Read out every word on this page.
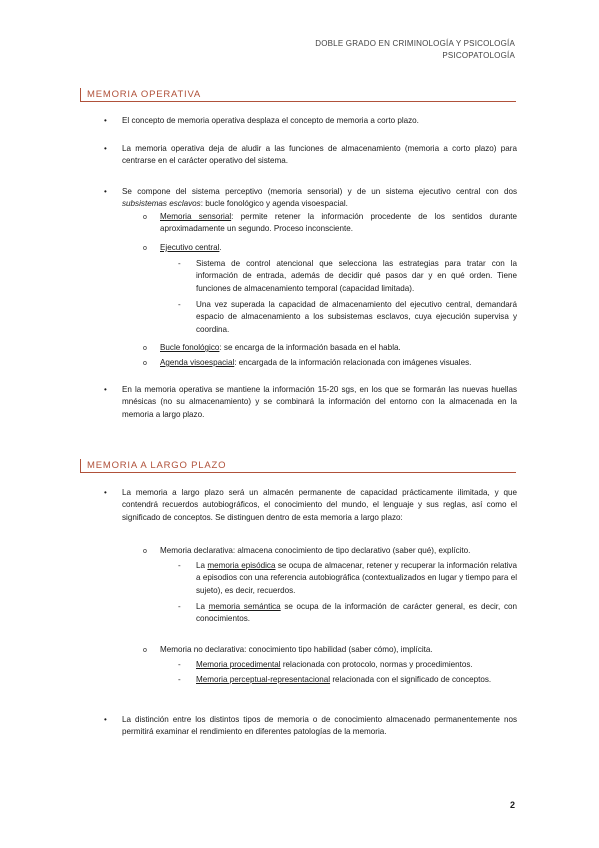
DOBLE GRADO EN CRIMINOLOGÍA Y PSICOLOGÍA
PSICOPATOLOGÍA
MEMORIA OPERATIVA
• El concepto de memoria operativa desplaza el concepto de memoria a corto plazo.
• La memoria operativa deja de aludir a las funciones de almacenamiento (memoria a corto plazo) para centrarse en el carácter operativo del sistema.
• Se compone del sistema perceptivo (memoria sensorial) y de un sistema ejecutivo central con dos subsistemas esclavos: bucle fonológico y agenda visoespacial.
o Memoria sensorial: permite retener la información procedente de los sentidos durante aproximadamente un segundo. Proceso inconsciente.
o Ejecutivo central.
- Sistema de control atencional que selecciona las estrategias para tratar con la información de entrada, además de decidir qué pasos dar y en qué orden. Tiene funciones de almacenamiento temporal (capacidad limitada).
- Una vez superada la capacidad de almacenamiento del ejecutivo central, demandará espacio de almacenamiento a los subsistemas esclavos, cuya ejecución supervisa y coordina.
o Bucle fonológico: se encarga de la información basada en el habla.
o Agenda visoespacial: encargada de la información relacionada con imágenes visuales.
• En la memoria operativa se mantiene la información 15-20 sgs, en los que se formarán las nuevas huellas mnésicas (no su almacenamiento) y se combinará la información del entorno con la almacenada en la memoria a largo plazo.
MEMORIA A LARGO PLAZO
• La memoria a largo plazo será un almacén permanente de capacidad prácticamente ilimitada, y que contendrá recuerdos autobiográficos, el conocimiento del mundo, el lenguaje y sus reglas, así como el significado de conceptos. Se distinguen dentro de esta memoria a largo plazo:
o Memoria declarativa: almacena conocimiento de tipo declarativo (saber qué), explícito.
- La memoria episódica se ocupa de almacenar, retener y recuperar la información relativa a episodios con una referencia autobiográfica (contextualizados en lugar y tiempo para el sujeto), es decir, recuerdos.
- La memoria semántica se ocupa de la información de carácter general, es decir, con conocimientos.
o Memoria no declarativa: conocimiento tipo habilidad (saber cómo), implícita.
- Memoria procedimental relacionada con protocolo, normas y procedimientos.
- Memoria perceptual-representacional relacionada con el significado de conceptos.
• La distinción entre los distintos tipos de memoria o de conocimiento almacenado permanentemente nos permitirá examinar el rendimiento en diferentes patologías de la memoria.
2
